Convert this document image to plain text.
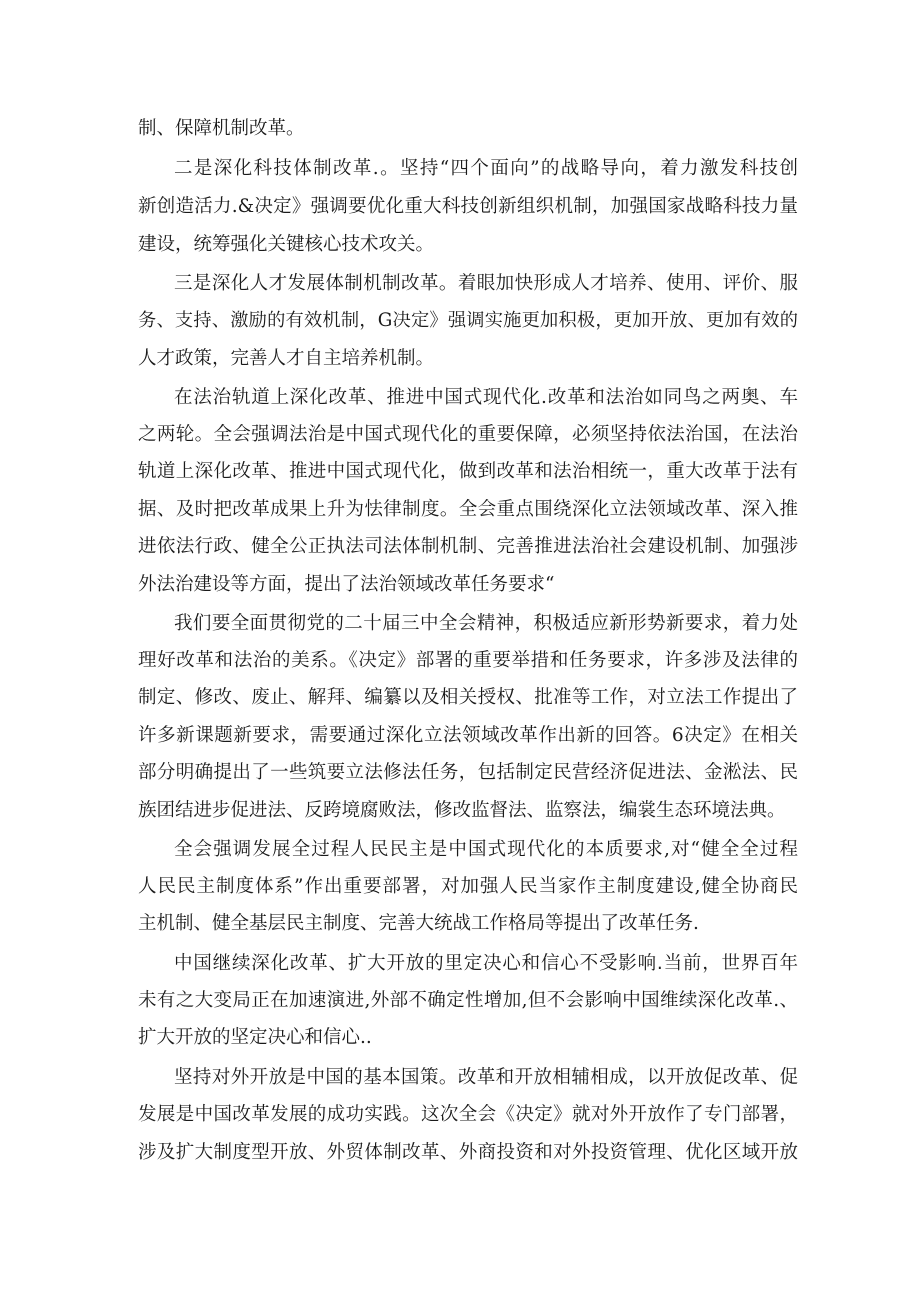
制、保障机制改革。
二是深化科技体制改革.。坚持“四个面向”的战略导向，着力激发科技创
新创造活力.&决定》强调要优化重大科技创新组织机制，加强国家战略科技力量
建设，统筹强化关键核心技术攻关。
三是深化人才发展体制机制改革。着眼加快形成人才培养、使用、评价、服
务、支持、激励的有效机制，G决定》强调实施更加积极，更加开放、更加有效的
人才政策，完善人才自主培养机制。
在法治轨道上深化改革、推进中国式现代化.改革和法治如同鸟之两奥、车
之两轮。全会强调法治是中国式现代化的重要保障，必须坚持依法治国，在法治
轨道上深化改革、推进中国式现代化，做到改革和法治相统一，重大改革于法有
据、及时把改革成果上升为怯律制度。全会重点围绕深化立法领域改革、深入推
进依法行政、健全公正执法司法体制机制、完善推进法治社会建设机制、加强涉
外法治建设等方面，提出了法治领域改革任务要求“
我们要全面贯彻党的二十届三中全会精神，积极适应新形势新要求，着力处
理好改革和法治的美系。《决定》部署的重要举措和任务要求，许多涉及法律的
制定、修改、废止、解拜、编纂以及相关授权、批准等工作，对立法工作提出了
许多新课题新要求，需要通过深化立法领域改革作出新的回答。6决定》在相关
部分明确提出了一些筑要立法修法任务，包括制定民营经济促进法、金淞法、民
族团结进步促进法、反跨境腐败法，修改监督法、监察法，编裳生态环境法典。
全会强调发展全过程人民民主是中国式现代化的本质要求,对“健全全过程
人民民主制度体系”作出重要部署，对加强人民当家作主制度建设,健全协商民
主机制、健全基层民主制度、完善大统战工作格局等提出了改革任务.
中国继续深化改革、扩大开放的里定决心和信心不受影响.当前，世界百年
未有之大变局正在加速演进,外部不确定性增加,但不会影响中国维续深化改革.、
扩大开放的坚定决心和信心..
坚持对外开放是中国的基本国策。改革和开放相辅相成，以开放促改革、促
发展是中国改革发展的成功实践。这次全会《决定》就对外开放作了专门部署，
涉及扩大制度型开放、外贸体制改革、外商投资和对外投资管理、优化区域开放
